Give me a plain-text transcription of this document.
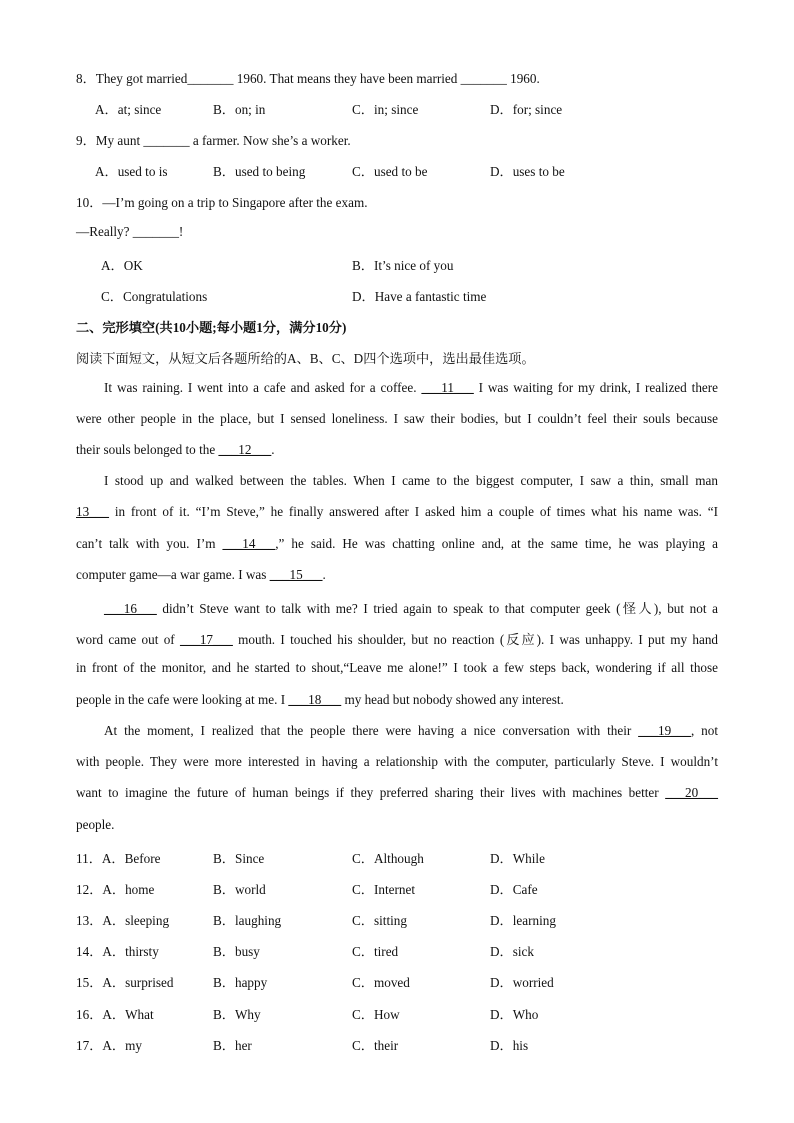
8．They got married_______ 1960. That means they have been married _______ 1960.
A．at; since	B．on; in	C．in; since	D．for; since
9．My aunt _______ a farmer. Now she’s a worker.
A．used to is	B．used to being	C．used to be	D．uses to be
10．—I’m going on a trip to Singapore after the exam.
—Really? _______!
A．OK	B．It’s nice of you
C．Congratulations	D．Have a fantastic time
二、完形填空(共10小题;每小题1分，满分10分)
阅读下面短文，从短文后各题所给的A、B、C、D四个选项中，选出最佳选项。
It was raining. I went into a cafe and asked for a coffee. ___11___ I was waiting for my drink, I realized there
were other people in the place, but I sensed loneliness. I saw their bodies, but I couldn’t feel their souls because
their souls belonged to the ___12___.
I stood up and walked between the tables. When I came to the biggest computer, I saw a thin, small man
13___ in front of it. “I’m Steve,” he finally answered after I asked him a couple of times what his name was. “I
can’t talk with you. I’m ___14___,” he said. He was chatting online and, at the same time, he was playing a
computer game—a war game. I was ___15___.
___16___ didn’t Steve want to talk with me? I tried again to speak to that computer geek (怪人), but not a
word came out of ___17___ mouth. I touched his shoulder, but no reaction (反应). I was unhappy. I put my hand
in front of the monitor, and he started to shout,“Leave me alone!” I took a few steps back, wondering if all those
people in the cafe were looking at me. I ___18___ my head but nobody showed any interest.
At the moment, I realized that the people there were having a nice conversation with their ___19___, not
with people. They were more interested in having a relationship with the computer, particularly Steve. I wouldn’t
want to imagine the future of human beings if they preferred sharing their lives with machines better ___20___
people.
11．A．Before	B．Since	C．Although	D．While
12．A．home	B．world	C．Internet	D．Cafe
13．A．sleeping	B．laughing	C．sitting	D．learning
14．A．thirsty	B．busy	C．tired	D．sick
15．A．surprised	B．happy	C．moved	D．worried
16．A．What	B．Why	C．How	D．Who
17．A．my	B．her	C．their	D．his
